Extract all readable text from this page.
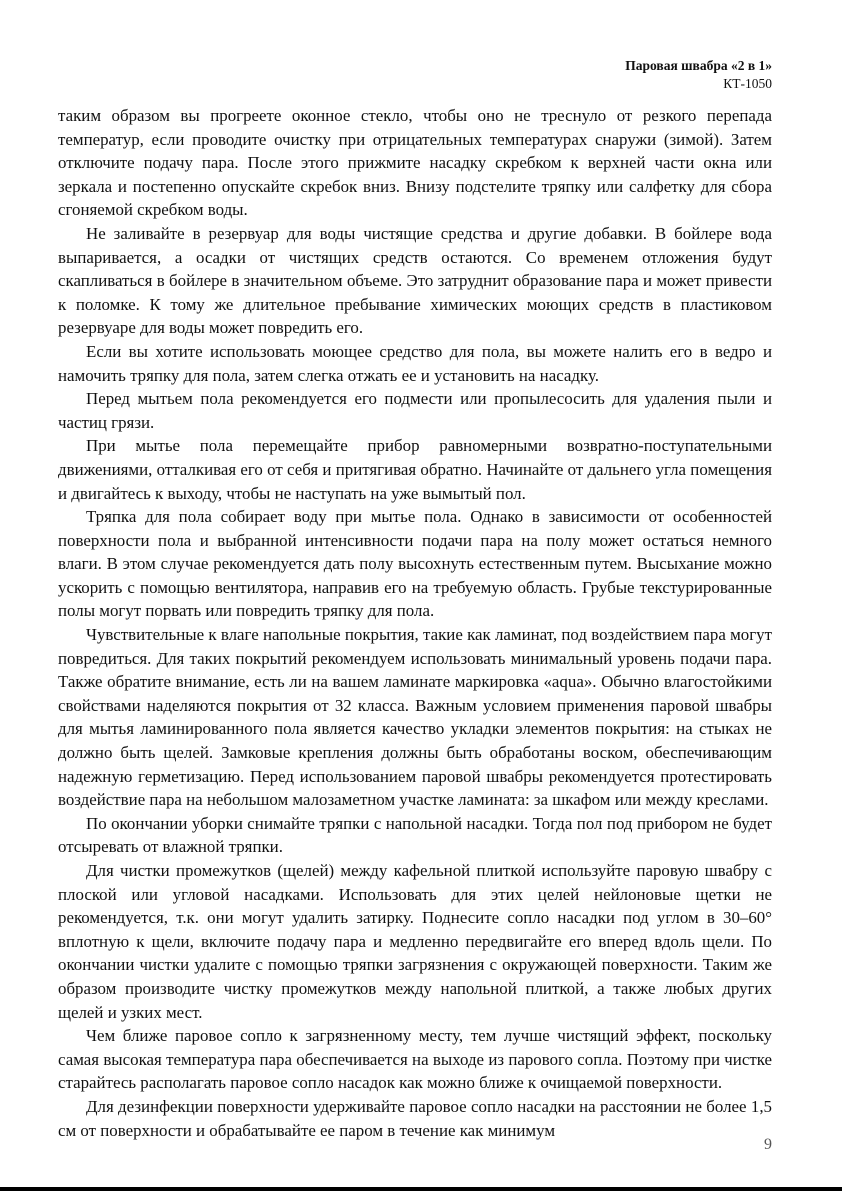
Паровая швабра «2 в 1»
КТ-1050

таким образом вы прогреете оконное стекло, чтобы оно не треснуло от резкого перепада температур, если проводите очистку при отрицательных температурах снаружи (зимой). Затем отключите подачу пара. После этого прижмите насадку скребком к верхней части окна или зеркала и постепенно опускайте скребок вниз. Внизу подстелите тряпку или салфетку для сбора сгоняемой скребком воды.

Не заливайте в резервуар для воды чистящие средства и другие добавки. В бойлере вода выпаривается, а осадки от чистящих средств остаются. Со временем отложения будут скапливаться в бойлере в значительном объеме. Это затруднит образование пара и может привести к поломке. К тому же длительное пребывание химических моющих средств в пластиковом резервуаре для воды может повредить его.

Если вы хотите использовать моющее средство для пола, вы можете налить его в ведро и намочить тряпку для пола, затем слегка отжать ее и установить на насадку.

Перед мытьем пола рекомендуется его подмести или пропылесосить для удаления пыли и частиц грязи.

При мытье пола перемещайте прибор равномерными возвратно-поступательными движениями, отталкивая его от себя и притягивая обратно. Начинайте от дальнего угла помещения и двигайтесь к выходу, чтобы не наступать на уже вымытый пол.

Тряпка для пола собирает воду при мытье пола. Однако в зависимости от особенностей поверхности пола и выбранной интенсивности подачи пара на полу может остаться немного влаги. В этом случае рекомендуется дать полу высохнуть естественным путем. Высыхание можно ускорить с помощью вентилятора, направив его на требуемую область. Грубые текстурированные полы могут порвать или повредить тряпку для пола.

Чувствительные к влаге напольные покрытия, такие как ламинат, под воздействием пара могут повредиться. Для таких покрытий рекомендуем использовать минимальный уровень подачи пара. Также обратите внимание, есть ли на вашем ламинате маркировка «aqua». Обычно влагостойкими свойствами наделяются покрытия от 32 класса. Важным условием применения паровой швабры для мытья ламинированного пола является качество укладки элементов покрытия: на стыках не должно быть щелей. Замковые крепления должны быть обработаны воском, обеспечивающим надежную герметизацию. Перед использованием паровой швабры рекомендуется протестировать воздействие пара на небольшом малозаметном участке ламината: за шкафом или между креслами.

По окончании уборки снимайте тряпки с напольной насадки. Тогда пол под прибором не будет отсыревать от влажной тряпки.

Для чистки промежутков (щелей) между кафельной плиткой используйте паровую швабру с плоской или угловой насадками. Использовать для этих целей нейлоновые щетки не рекомендуется, т.к. они могут удалить затирку. Поднесите сопло насадки под углом в 30–60° вплотную к щели, включите подачу пара и медленно передвигайте его вперед вдоль щели. По окончании чистки удалите с помощью тряпки загрязнения с окружающей поверхности. Таким же образом производите чистку промежутков между напольной плиткой, а также любых других щелей и узких мест.

Чем ближе паровое сопло к загрязненному месту, тем лучше чистящий эффект, поскольку самая высокая температура пара обеспечивается на выходе из парового сопла. Поэтому при чистке старайтесь располагать паровое сопло насадок как можно ближе к очищаемой поверхности.

Для дезинфекции поверхности удерживайте паровое сопло насадки на расстоянии не более 1,5 см от поверхности и обрабатывайте ее паром в течение как минимум

9
